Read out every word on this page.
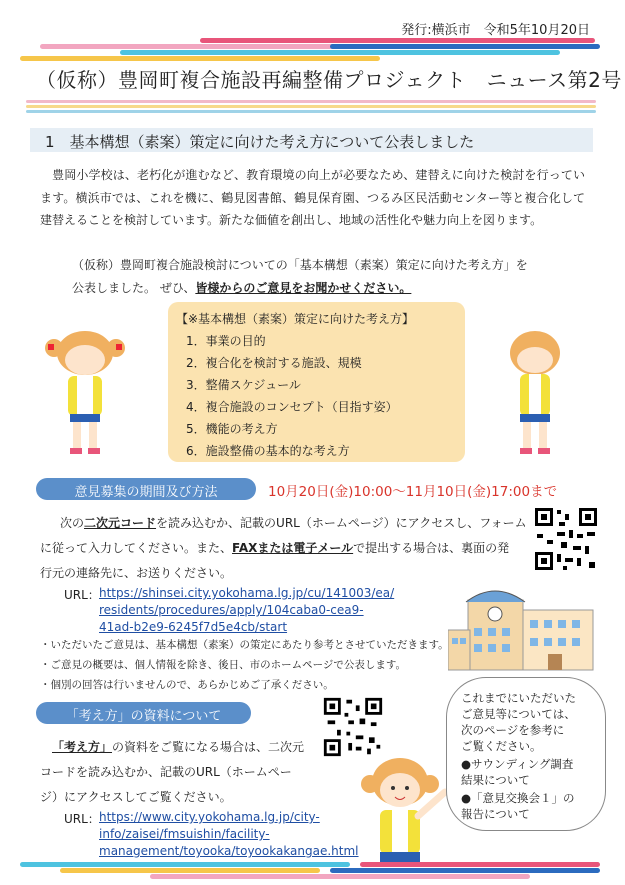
発行:横浜市　令和5年10月20日
（仮称）豊岡町複合施設再編整備プロジェクト　ニュース第2号
1　基本構想（素案）策定に向けた考え方について公表しました
　豊岡小学校は、老朽化が進むなど、教育環境の向上が必要なため、建替えに向けた検討を行っています。横浜市では、これを機に、鶴見図書館、鶴見保育園、つるみ区民活動センター等と複合化して建替えることを検討しています。新たな価値を創出し、地域の活性化や魅力向上を図ります。
（仮称）豊岡町複合施設検討についての「基本構想（素案）策定に向けた考え方」を
公表しました。 ぜひ、皆様からのご意見をお聞かせください。
【※基本構想（素案）策定に向けた考え方】
1．事業の目的
2．複合化を検討する施設、規模
3．整備スケジュール
4．複合施設のコンセプト（目指す姿）
5．機能の考え方
6．施設整備の基本的な考え方
意見募集の期間及び方法	10月20日(金)10:00～11月10日(金)17:00まで
次の二次元コードを読み込むか、記載のURL（ホームページ）にアクセスし、フォーム
に従って入力してください。また、FAXまたは電子メールで提出する場合は、裏面の発
行元の連絡先に、お送りください。
URL： https://shinsei.city.yokohama.lg.jp/cu/141003/ea/
residents/procedures/apply/104caba0-cea9-
41ad-b2e9-6245f7d5e4cb/start
・いただいたご意見は、基本構想（素案）の策定にあたり参考とさせていただきます。
・ご意見の概要は、個人情報を除き、後日、市のホームページで公表します。
・個別の回答は行いませんので、あらかじめご了承ください。
「考え方」の資料について
「考え方」の資料をご覧になる場合は、二次元
コードを読み込むか、記載のURL（ホームペー
ジ）にアクセスしてご覧ください。
URL： https://www.city.yokohama.lg.jp/city-
info/zaisei/fmsuishin/facility-
management/toyooka/toyookakangae.html
これまでにいただいた
ご意見等については、
次のページを参考に
ご覧ください。
●サウンディング調査
結果について
●「意見交換会１」の
報告について
